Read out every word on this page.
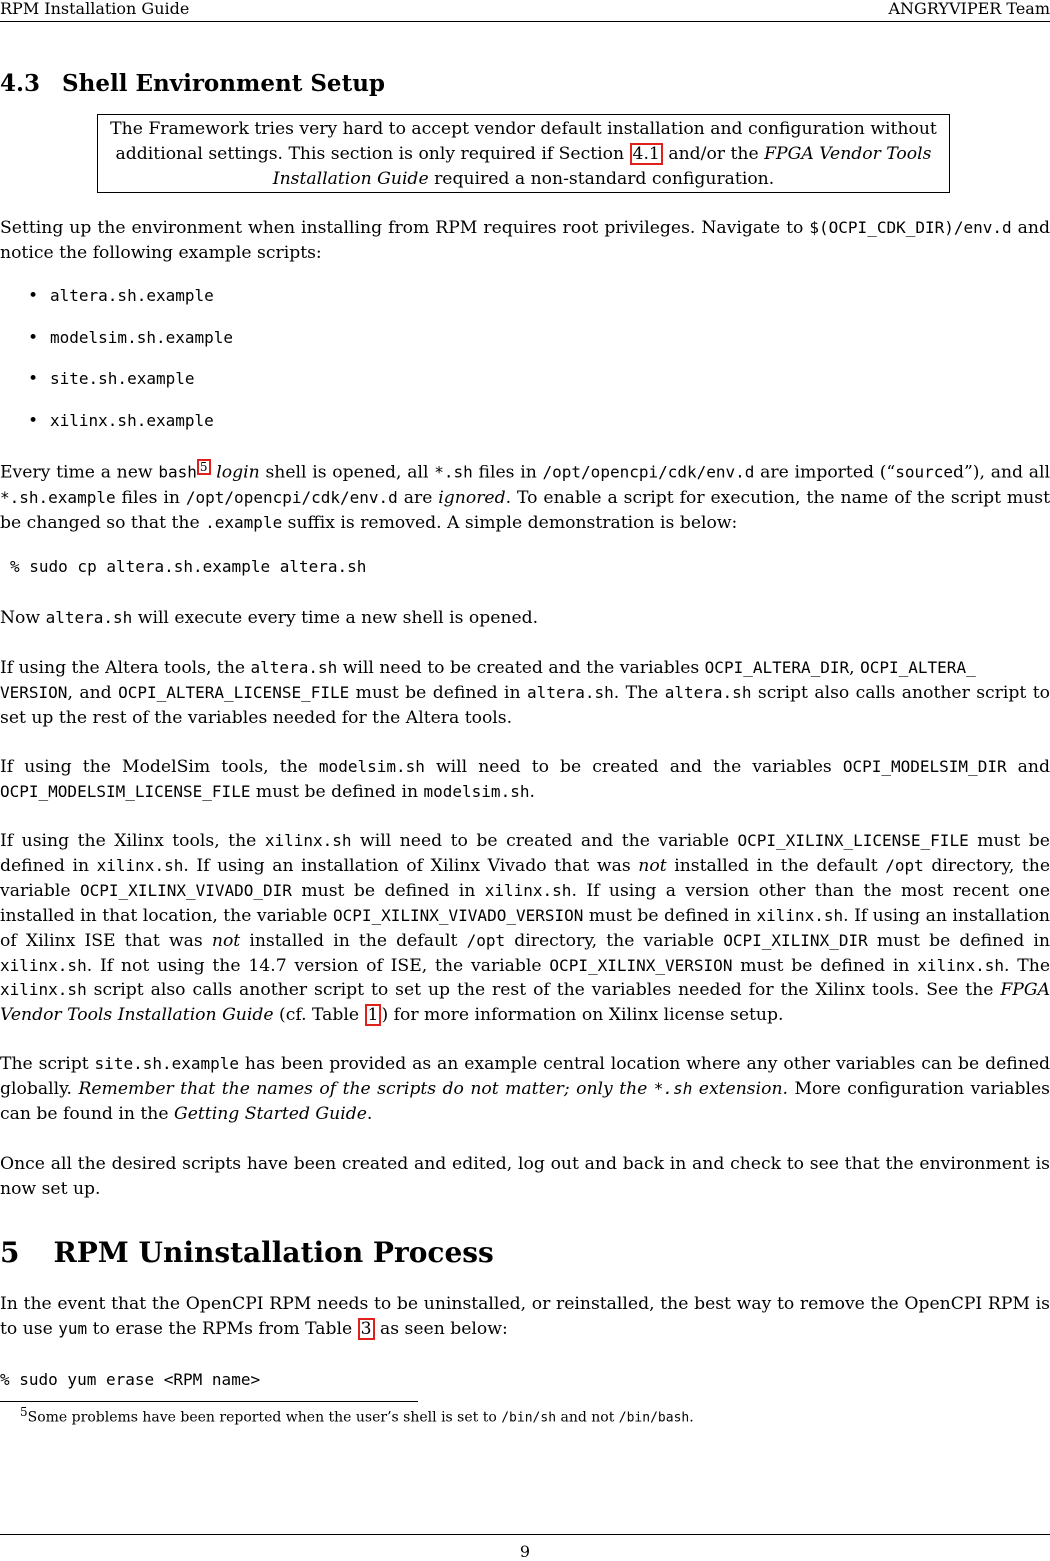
RPM Installation Guide	ANGRYVIPER Team
4.3 Shell Environment Setup
The Framework tries very hard to accept vendor default installation and configuration without additional settings. This section is only required if Section 4.1 and/or the FPGA Vendor Tools Installation Guide required a non-standard configuration.

Setting up the environment when installing from RPM requires root privileges. Navigate to $(OCPI_CDK_DIR)/env.d and notice the following example scripts:

• altera.sh.example
• modelsim.sh.example
• site.sh.example
• xilinx.sh.example

Every time a new bash $^5$ login shell is opened, all *.sh files in /opt/opencpi/cdk/env.d are imported (“sourced”), and all *.sh.example files in /opt/opencpi/cdk/env.d are ignored. To enable a script for execution, the name of the script must be changed so that the .example suffix is removed. A simple demonstration is below:

% sudo cp altera.sh.example altera.sh

Now altera.sh will execute every time a new shell is opened.

If using the Altera tools, the altera.sh will need to be created and the variables OCPI_ALTERA_DIR, OCPI_ALTERA_
VERSION, and OCPI_ALTERA_LICENSE_FILE must be defined in altera.sh. The altera.sh script also calls another script to set up the rest of the variables needed for the Altera tools.

If using the ModelSim tools, the modelsim.sh will need to be created and the variables OCPI_MODELSIM_DIR and OCPI_MODELSIM_LICENSE_FILE must be defined in modelsim.sh.

If using the Xilinx tools, the xilinx.sh will need to be created and the variable OCPI_XILINX_LICENSE_FILE must be defined in xilinx.sh. If using an installation of Xilinx Vivado that was not installed in the default /opt directory, the variable OCPI_XILINX_VIVADO_DIR must be defined in xilinx.sh. If using a version other than the most recent one installed in that location, the variable OCPI_XILINX_VIVADO_VERSION must be defined in xilinx.sh. If using an installation of Xilinx ISE that was not installed in the default /opt directory, the variable OCPI_XILINX_DIR must be defined in xilinx.sh. If not using the 14.7 version of ISE, the variable OCPI_XILINX_VERSION must be defined in xilinx.sh. The xilinx.sh script also calls another script to set up the rest of the variables needed for the Xilinx tools. See the FPGA Vendor Tools Installation Guide (cf. Table 1 ) for more information on Xilinx license setup.

The script site.sh.example has been provided as an example central location where any other variables can be defined globally. Remember that the names of the scripts do not matter; only the *.sh extension. More configuration variables can be found in the Getting Started Guide.

Once all the desired scripts have been created and edited, log out and back in and check to see that the environment is now set up.

5 RPM Uninstallation Process

In the event that the OpenCPI RPM needs to be uninstalled, or reinstalled, the best way to remove the OpenCPI RPM is to use yum to erase the RPMs from Table 3 as seen below:

% sudo yum erase <RPM name>
$^5$Some problems have been reported when the user’s shell is set to /bin/sh and not /bin/bash.
9
